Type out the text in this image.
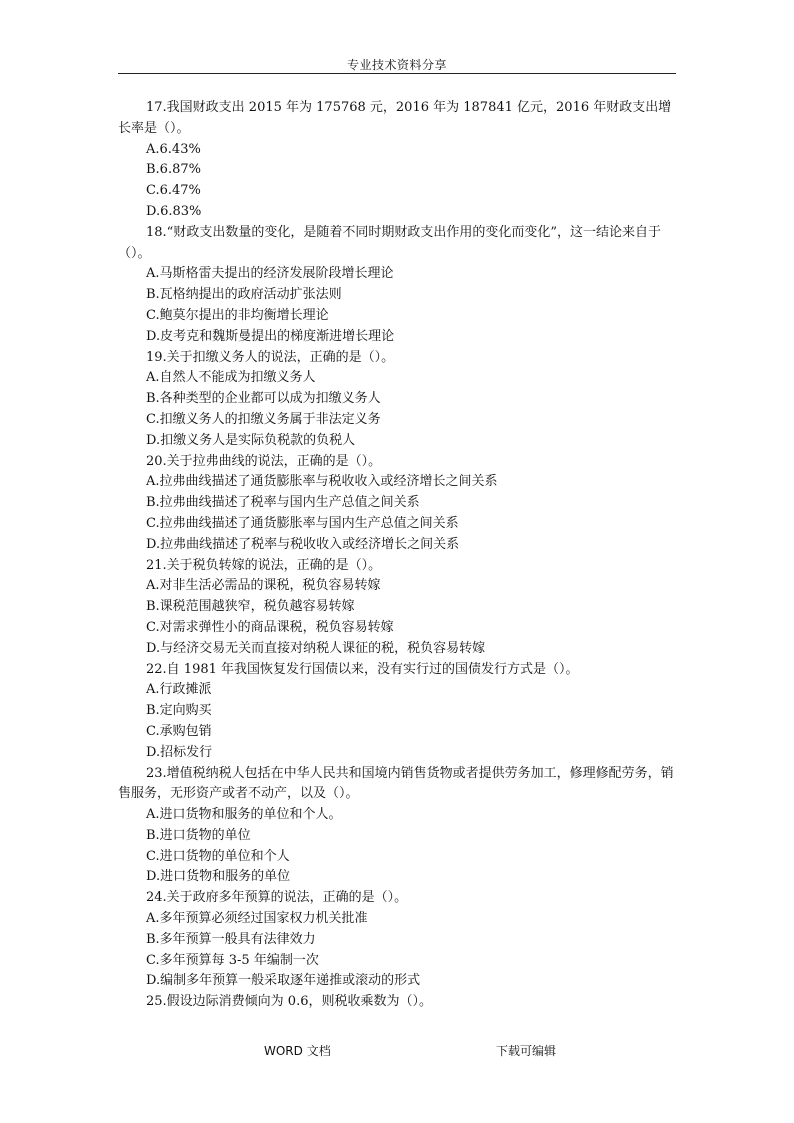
专业技术资料分享

17.我国财政支出 2015 年为 175768 元，2016 年为 187841 亿元，2016 年财政支出增长率是（）。

A.6.43%

B.6.87%

C.6.47%

D.6.83%

18.“财政支出数量的变化，是随着不同时期财政支出作用的变化而变化”，这一结论来自于（）。

A.马斯格雷夫提出的经济发展阶段增长理论

B.瓦格纳提出的政府活动扩张法则

C.鲍莫尔提出的非均衡增长理论

D.皮考克和魏斯曼提出的梯度渐进增长理论

19.关于扣缴义务人的说法，正确的是（）。

A.自然人不能成为扣缴义务人

B.各种类型的企业都可以成为扣缴义务人

C.扣缴义务人的扣缴义务属于非法定义务

D.扣缴义务人是实际负税款的负税人

20.关于拉弗曲线的说法，正确的是（）。

A.拉弗曲线描述了通货膨胀率与税收收入或经济增长之间关系

B.拉弗曲线描述了税率与国内生产总值之间关系

C.拉弗曲线描述了通货膨胀率与国内生产总值之间关系

D.拉弗曲线描述了税率与税收收入或经济增长之间关系

21.关于税负转嫁的说法，正确的是（）。

A.对非生活必需品的课税，税负容易转嫁

B.课税范围越狭窄，税负越容易转嫁

C.对需求弹性小的商品课税，税负容易转嫁

D.与经济交易无关而直接对纳税人课征的税，税负容易转嫁

22.自 1981 年我国恢复发行国债以来，没有实行过的国债发行方式是（）。

A.行政摊派

B.定向购买

C.承购包销

D.招标发行

23.增值税纳税人包括在中华人民共和国境内销售货物或者提供劳务加工，修理修配劳务，销售服务，无形资产或者不动产，以及（）。

A.进口货物和服务的单位和个人。

B.进口货物的单位

C.进口货物的单位和个人

D.进口货物和服务的单位

24.关于政府多年预算的说法，正确的是（）。

A.多年预算必须经过国家权力机关批准

B.多年预算一般具有法律效力

C.多年预算每 3-5 年编制一次

D.编制多年预算一般采取逐年递推或滚动的形式

25.假设边际消费倾向为 0.6，则税收乘数为（）。

WORD 文档	下载可编辑
